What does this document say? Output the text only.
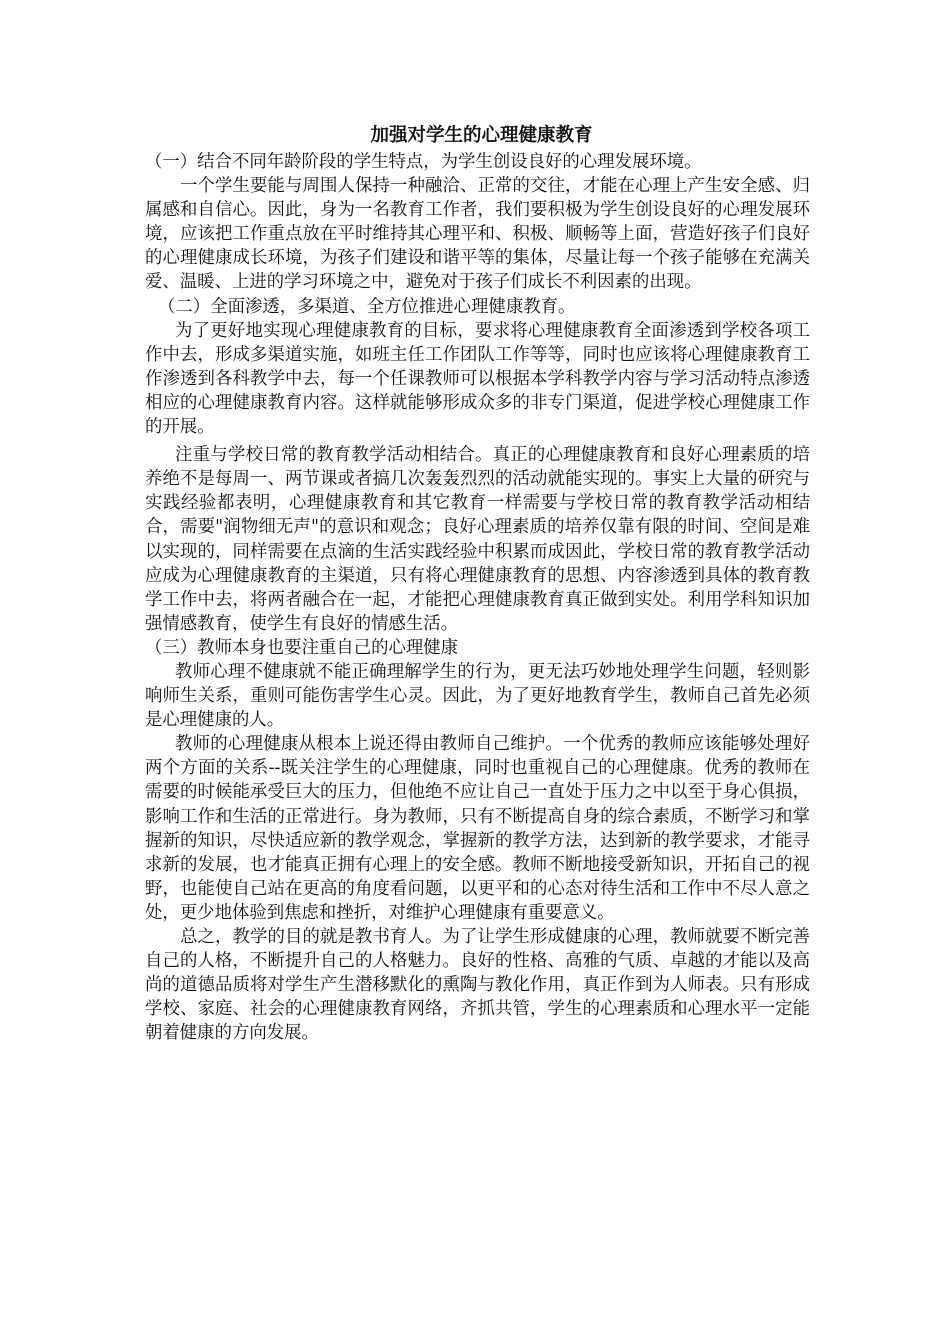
加强对学生的心理健康教育

（一）结合不同年龄阶段的学生特点，为学生创设良好的心理发展环境。

一个学生要能与周围人保持一种融洽、正常的交往，才能在心理上产生安全感、归属感和自信心。因此，身为一名教育工作者，我们要积极为学生创设良好的心理发展环境，应该把工作重点放在平时维持其心理平和、积极、顺畅等上面，营造好孩子们良好的心理健康成长环境，为孩子们建设和谐平等的集体，尽量让每一个孩子能够在充满关爱、温暖、上进的学习环境之中，避免对于孩子们成长不利因素的出现。

（二）全面渗透，多渠道、全方位推进心理健康教育。

为了更好地实现心理健康教育的目标，要求将心理健康教育全面渗透到学校各项工作中去，形成多渠道实施，如班主任工作团队工作等等，同时也应该将心理健康教育工作渗透到各科教学中去，每一个任课教师可以根据本学科教学内容与学习活动特点渗透相应的心理健康教育内容。这样就能够形成众多的非专门渠道，促进学校心理健康工作的开展。

注重与学校日常的教育教学活动相结合。真正的心理健康教育和良好心理素质的培养绝不是每周一、两节课或者搞几次轰轰烈烈的活动就能实现的。事实上大量的研究与实践经验都表明，心理健康教育和其它教育一样需要与学校日常的教育教学活动相结合，需要"润物细无声"的意识和观念；良好心理素质的培养仅靠有限的时间、空间是难以实现的，同样需要在点滴的生活实践经验中积累而成因此，学校日常的教育教学活动应成为心理健康教育的主渠道，只有将心理健康教育的思想、内容渗透到具体的教育教学工作中去，将两者融合在一起，才能把心理健康教育真正做到实处。利用学科知识加强情感教育，使学生有良好的情感生活。

（三）教师本身也要注重自己的心理健康

教师心理不健康就不能正确理解学生的行为，更无法巧妙地处理学生问题，轻则影响师生关系，重则可能伤害学生心灵。因此，为了更好地教育学生，教师自己首先必须是心理健康的人。

教师的心理健康从根本上说还得由教师自己维护。一个优秀的教师应该能够处理好两个方面的关系--既关注学生的心理健康，同时也重视自己的心理健康。优秀的教师在需要的时候能承受巨大的压力，但他绝不应让自己一直处于压力之中以至于身心俱损，影响工作和生活的正常进行。身为教师，只有不断提高自身的综合素质，不断学习和掌握新的知识，尽快适应新的教学观念，掌握新的教学方法，达到新的教学要求，才能寻求新的发展，也才能真正拥有心理上的安全感。教师不断地接受新知识，开拓自己的视野，也能使自己站在更高的角度看问题，以更平和的心态对待生活和工作中不尽人意之处，更少地体验到焦虑和挫折，对维护心理健康有重要意义。

总之，教学的目的就是教书育人。为了让学生形成健康的心理，教师就要不断完善自己的人格，不断提升自己的人格魅力。良好的性格、高雅的气质、卓越的才能以及高尚的道德品质将对学生产生潜移默化的熏陶与教化作用，真正作到为人师表。只有形成学校、家庭、社会的心理健康教育网络，齐抓共管，学生的心理素质和心理水平一定能朝着健康的方向发展。
